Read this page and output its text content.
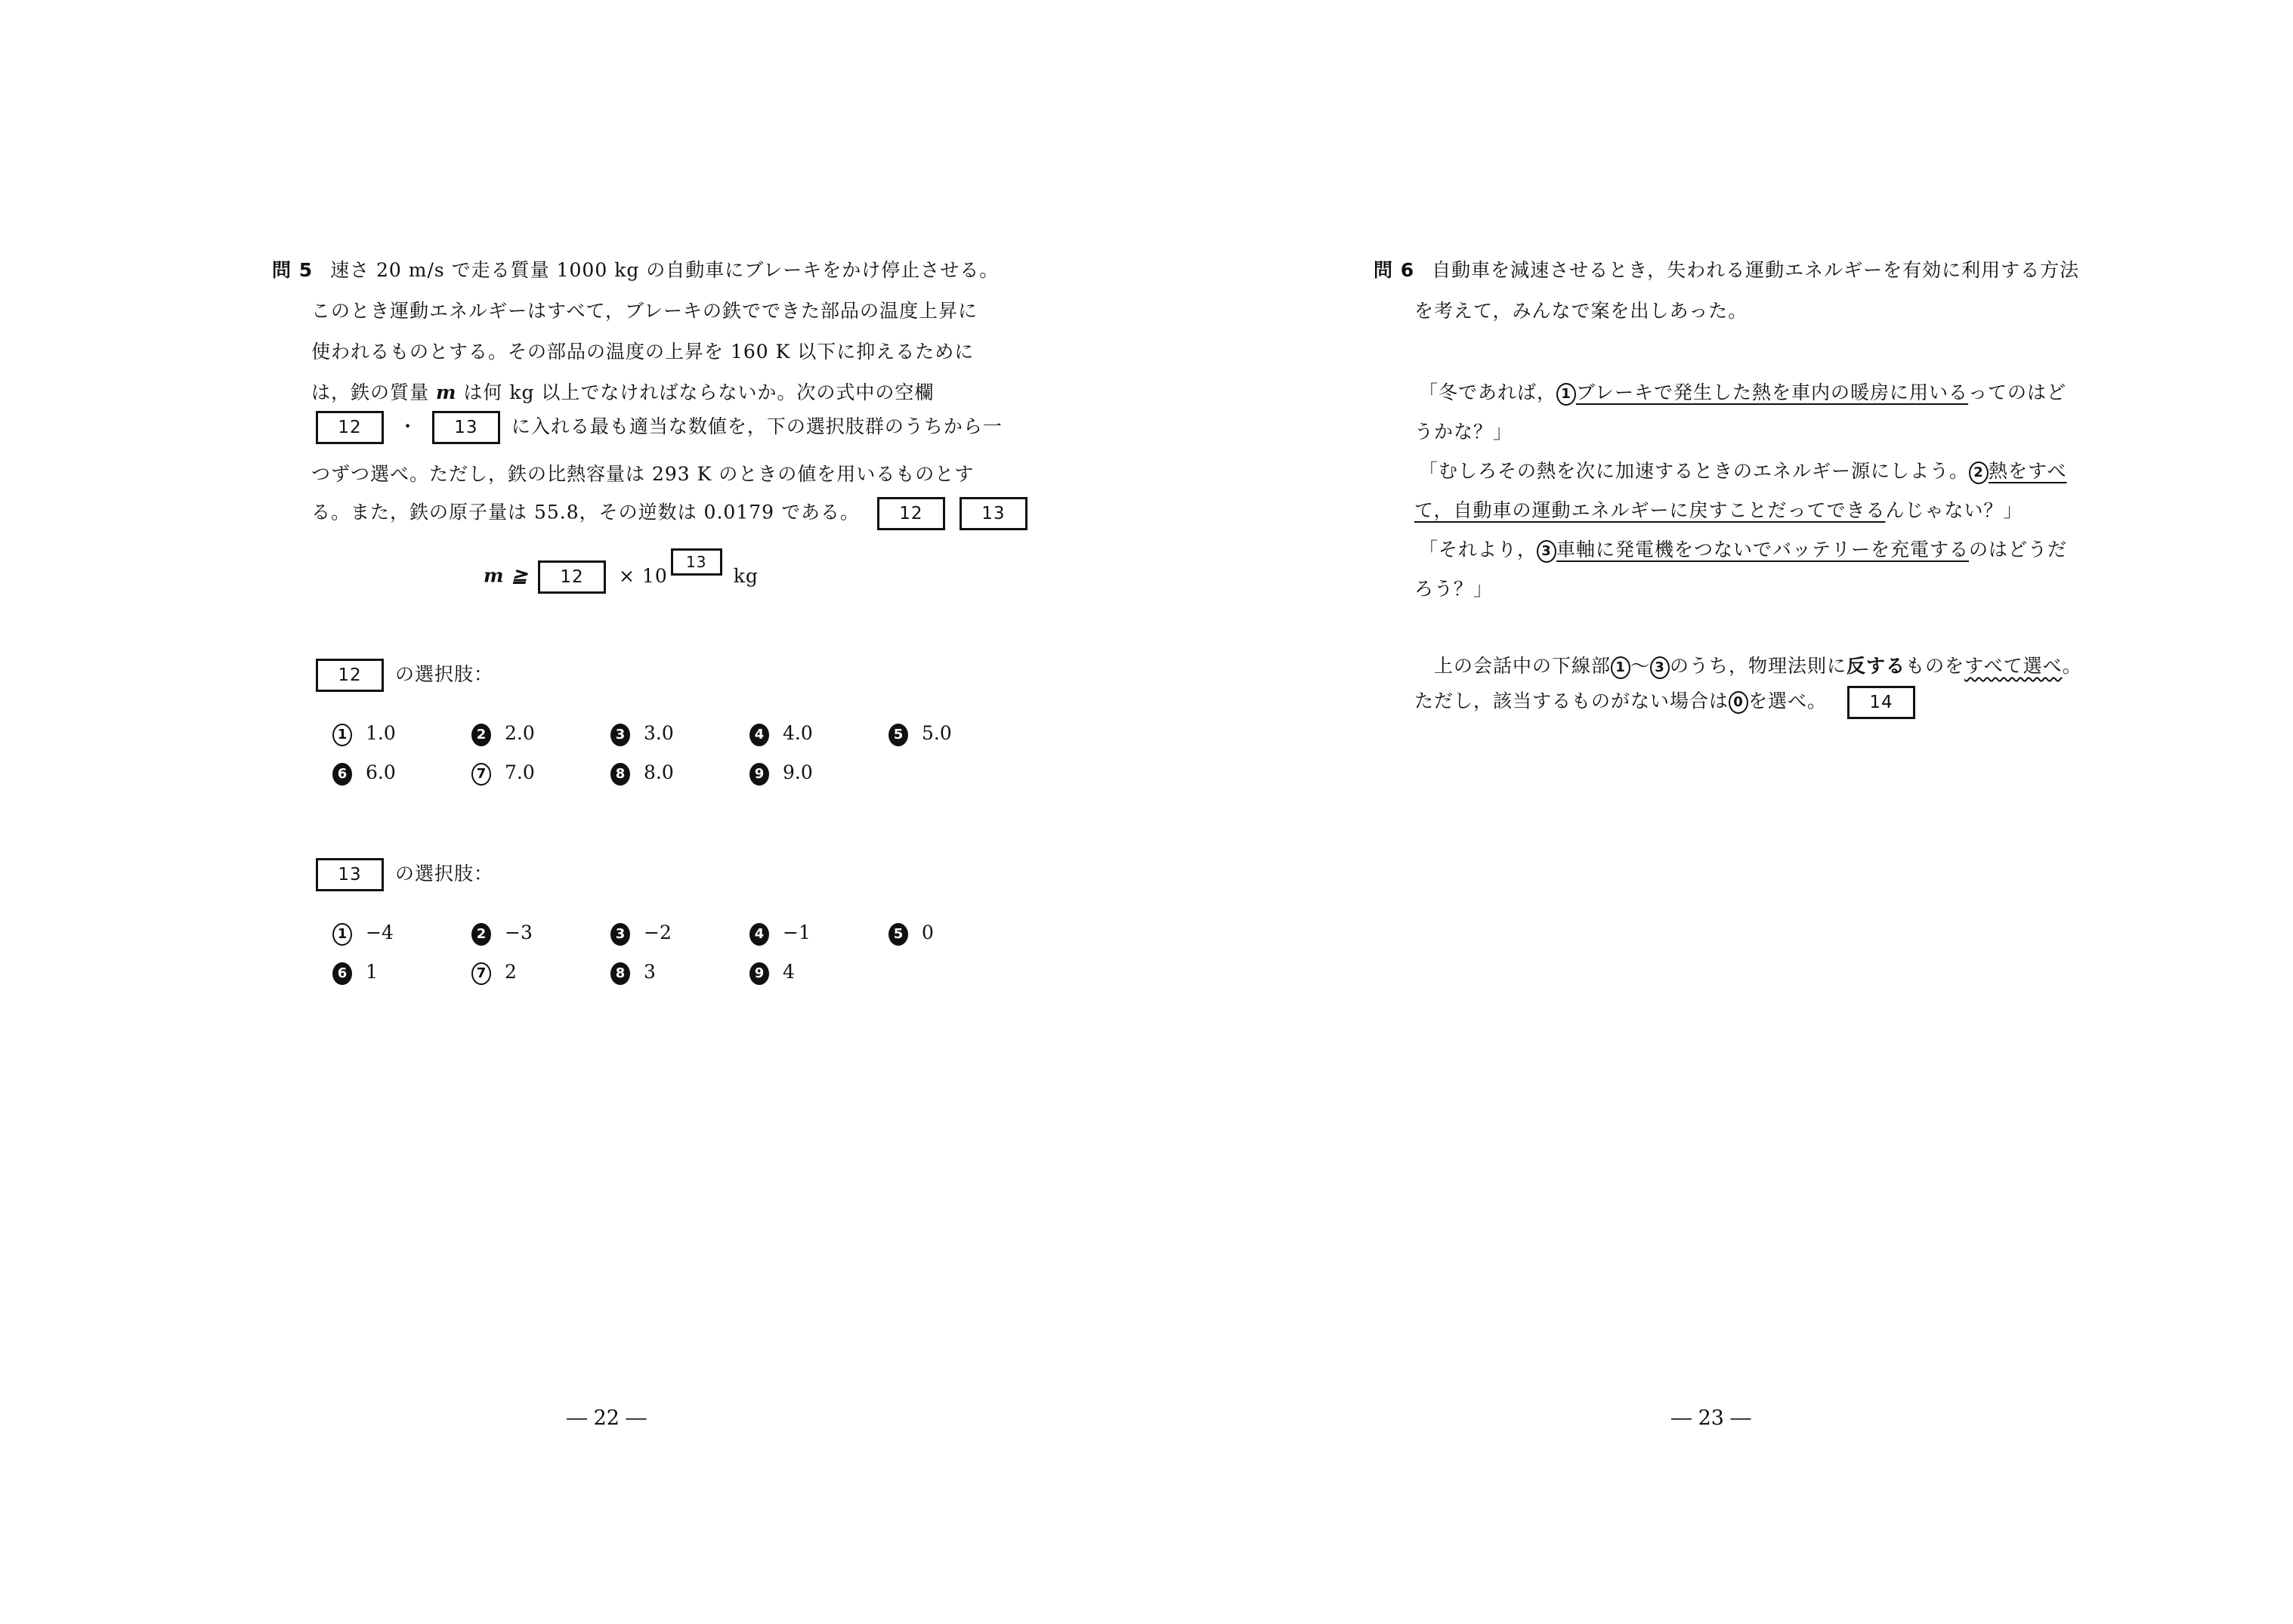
問 5 速さ 20 m/s で走る質量 1000 kg の自動車にブレーキをかけ停止させる。
このとき運動エネルギーはすべて，ブレーキの鉄でできた部品の温度上昇に
使われるものとする。その部品の温度の上昇を 160 K 以下に抑えるために
は，鉄の質量 m は何 kg 以上でなければならないか。次の式中の空欄
12 ・ 13 に入れる最も適当な数値を，下の選択肢群のうちから一
つずつ選べ。ただし，鉄の比熱容量は 293 K のときの値を用いるものとす
る。また，鉄の原子量は 55.8，その逆数は 0.0179 である。 12	13
m ≧ 12 × 1013 kg
12 の選択肢：
1 1.0	2 2.0	3 3.0	4 4.0	5 5.0
6 6.0	7 7.0	8 8.0	9 9.0
13 の選択肢：
1 −4	2 −3	3 −2	4 −1	5 0
6 1	7 2	8 3	9 4
問 6 自動車を減速させるとき，失われる運動エネルギーを有効に利用する方法
を考えて，みんなで案を出しあった。
「冬であれば， 1 ブレーキで発生した熱を車内の暖房に用いるってのはど
うかな？」
「むしろその熱を次に加速するときのエネルギー源にしよう。 2 熱をすべ
て，自動車の運動エネルギーに戻すことだってできるんじゃない？」
「それより， 3 車軸に発電機をつないでバッテリーを充電するのはどうだ
ろう？」
上の会話中の下線部 1 ～ 3 のうち，物理法則に反するものをすべて選べ。
ただし，該当するものがない場合は 0 を選べ。 14
― 22 ―	― 23 ―
